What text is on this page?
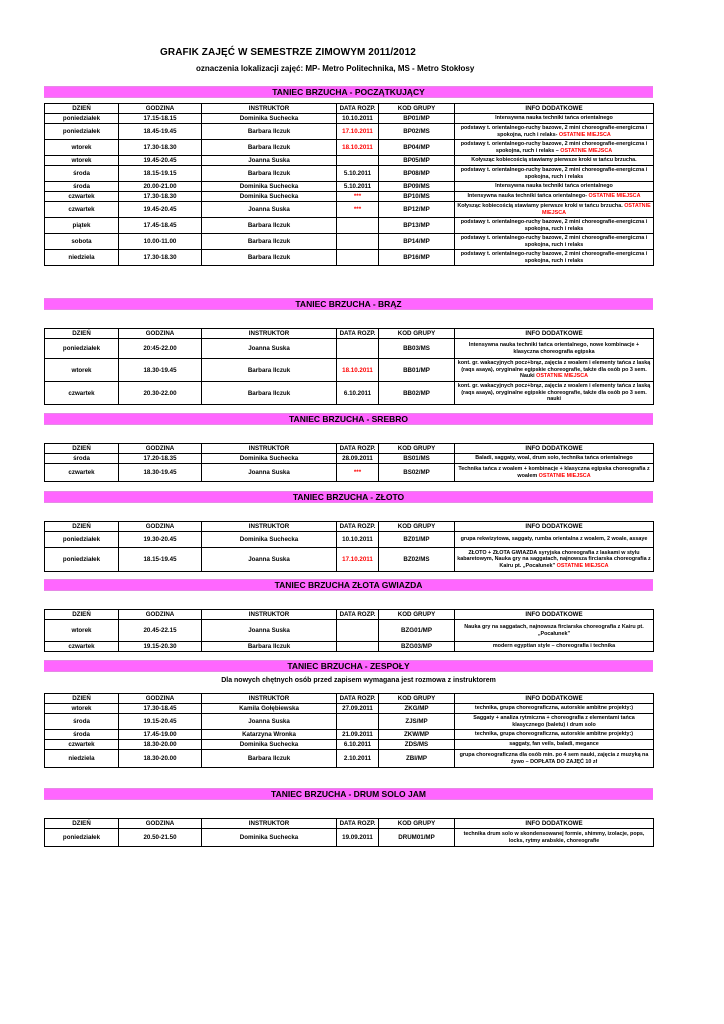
GRAFIK ZAJĘĆ W SEMESTRZE ZIMOWYM 2011/2012
oznaczenia lokalizacji zajęć: MP- Metro Politechnika, MS - Metro Stokłosy
TANIEC BRZUCHA - POCZĄTKUJĄCY
DZIEŃ	GODZINA	INSTRUKTOR	DATA ROZP.	KOD GRUPY	INFO DODATKOWE
poniedziałek	17.15-18.15	Dominika Suchecka	10.10.2011	BP01/MP	Intensywna nauka techniki tańca orientalnego
poniedziałek	18.45-19.45	Barbara Ilczuk	17.10.2011	BP02/MS	podstawy t. orientalnego-ruchy bazowe, 2 mini choreografie-energiczna i spokojna, ruch i relaks- OSTATNIE MIEJSCA
wtorek	17.30-18.30	Barbara Ilczuk	18.10.2011	BP04/MP	podstawy t. orientalnego-ruchy bazowe, 2 mini choreografie-energiczna i spokojna, ruch i relaks – OSTATNIE MIEJSCA
wtorek	19.45-20.45	Joanna Suska		BP05/MP	Kołysząc kobiecością stawiamy pierwsze kroki w tańcu brzucha.
środa	18.15-19.15	Barbara Ilczuk	5.10.2011	BP08/MP	podstawy t. orientalnego-ruchy bazowe, 2 mini choreografie-energiczna i spokojna, ruch i relaks
środa	20.00-21.00	Dominika Suchecka	5.10.2011	BP09/MS	Intensywna nauka techniki tańca orientalnego
czwartek	17.30-18.30	Dominika Suchecka	***	BP10/MS	Intensywna nauka techniki tańca orientalnego- OSTATNIE MIEJSCA
czwartek	19.45-20.45	Joanna Suska	***	BP12/MP	Kołysząc kobiecością stawiamy pierwsze kroki w tańcu brzucha. OSTATNIE MIEJSCA
piątek	17.45-18.45	Barbara Ilczuk		BP13/MP	podstawy t. orientalnego-ruchy bazowe, 2 mini choreografie-energiczna i spokojna, ruch i relaks
sobota	10.00-11.00	Barbara Ilczuk		BP14/MP	podstawy t. orientalnego-ruchy bazowe, 2 mini choreografie-energiczna i spokojna, ruch i relaks
niedziela	17.30-18.30	Barbara Ilczuk		BP16/MP	podstawy t. orientalnego-ruchy bazowe, 2 mini choreografie-energiczna i spokojna, ruch i relaks
TANIEC BRZUCHA - BRĄZ
DZIEŃ	GODZINA	INSTRUKTOR	DATA ROZP.	KOD GRUPY	INFO DODATKOWE
poniedziałek	20:45-22.00	Joanna Suska		BB03/MS	Intensywna nauka techniki tańca orientalnego, nowe kombinacje + klasyczna choreografia egipska
wtorek	18.30-19.45	Barbara Ilczuk	18.10.2011	BB01/MP	kont. gr. wakacyjnych pocz+brąz, zajęcia z woalem i elementy tańca z laską (raqs asaya), oryginalne egipskie choreografie, także dla osób po 3 sem. Nauki OSTATNIE MIEJSCA
czwartek	20.30-22.00	Barbara Ilczuk	6.10.2011	BB02/MP	kont. gr. wakacyjnych pocz+brąz, zajęcia z woalem i elementy tańca z laską (raqs asaya), oryginalne egipskie choreografie, także dla osób po 3 sem. nauki
TANIEC BRZUCHA - SREBRO
DZIEŃ	GODZINA	INSTRUKTOR	DATA ROZP.	KOD GRUPY	INFO DODATKOWE
środa	17.20-18.35	Dominika Suchecka	28.09.2011	BS01/MS	Baladi, saggaty, woal, drum solo, technika tańca orientalnego
czwartek	18.30-19.45	Joanna Suska	***	BS02/MP	Technika tańca z woalem + kombinacje + klasyczna egipska choreografia z woalem OSTATNIE MIEJSCA
TANIEC BRZUCHA - ZŁOTO
DZIEŃ	GODZINA	INSTRUKTOR	DATA ROZP.	KOD GRUPY	INFO DODATKOWE
poniedziałek	19.30-20.45	Dominika Suchecka	10.10.2011	BZ01/MP	grupa rekwizytowa, saggaty, rumba orientalna z woalem, 2 woale, assaye
poniedziałek	18.15-19.45	Joanna Suska	17.10.2011	BZ02/MS	ZŁOTO + ZŁOTA GWIAZDA syryjska choreografia z laskami w stylu kabaretowym, Nauka gry na saggatach, najnowsza firciarska choreografia z Kairu pt. „Pocałunek” OSTATNIE MIEJSCA
TANIEC BRZUCHA ZŁOTA GWIAZDA
DZIEŃ	GODZINA	INSTRUKTOR	DATA ROZP.	KOD GRUPY	INFO DODATKOWE
wtorek	20.45-22.15	Joanna Suska		BZG01/MP	Nauka gry na saggatach, najnowsza firciarska choreografia z Kairu pt. „Pocałunek”
czwartek	19.15-20.30	Barbara Ilczuk		BZG03/MP	modern egyptian style – choreografia i technika
TANIEC BRZUCHA - ZESPOŁY
Dla nowych chętnych osób przed zapisem wymagana jest rozmowa z instruktorem
DZIEŃ	GODZINA	INSTRUKTOR	DATA ROZP.	KOD GRUPY	INFO DODATKOWE
wtorek	17.30-18.45	Kamila Gołębiewska	27.09.2011	ZKG/MP	technika, grupa choreograficzna, autorskie ambitne projekty:)
środa	19.15-20.45	Joanna Suska		ZJS/MP	Saggaty + analiza rytmiczna + choreografia z elementami tańca klasycznego (baletu) i drum solo
środa	17.45-19.00	Katarzyna Wronka	21.09.2011	ZKW/MP	technika, grupa choreograficzna, autorskie ambitne projekty:)
czwartek	18.30-20.00	Dominika Suchecka	6.10.2011	ZDS/MS	saggaty, fan veils, baladi, megance
niedziela	18.30-20.00	Barbara Ilczuk	2.10.2011	ZBI/MP	grupa choreograficzna dla osób min. po 4 sem nauki, zajęcia z muzyką na żywo – DOPŁATA DO ZAJĘĆ 10 zł
TANIEC BRZUCHA - DRUM SOLO JAM
DZIEŃ	GODZINA	INSTRUKTOR	DATA ROZP.	KOD GRUPY	INFO DODATKOWE
poniedziałek	20.50-21.50	Dominika Suchecka	19.09.2011	DRUM01/MP	technika drum solo w skondensowanej formie, shimmy, izolacje, pops, locks, rytmy arabskie, choreografie
